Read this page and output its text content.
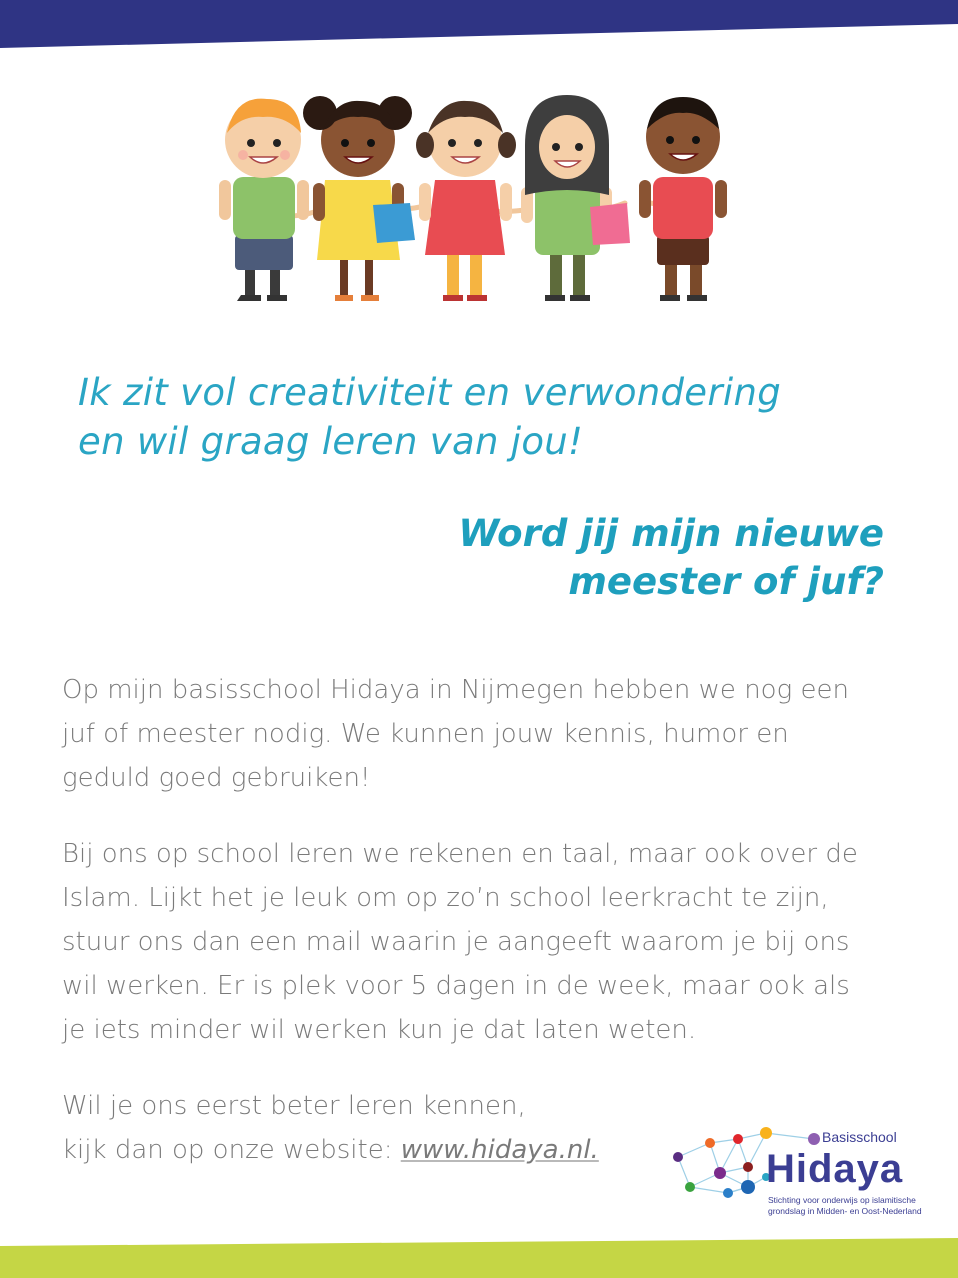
Ik zit vol creativiteit en verwondering
en wil graag leren van jou!
Word jij mijn nieuwe
meester of juf?
Op mijn basisschool Hidaya in Nijmegen hebben we nog een
juf of meester nodig. We kunnen jouw kennis, humor en
geduld goed gebruiken!
Bij ons op school leren we rekenen en taal, maar ook over de
Islam. Lijkt het je leuk om op zo’n school leerkracht te zijn,
stuur ons dan een mail waarin je aangeeft waarom je bij ons
wil werken. Er is plek voor 5 dagen in de week, maar ook als
je iets minder wil werken kun je dat laten weten.
Wil je ons eerst beter leren kennen,
kijk dan op onze website: www.hidaya.nl.	Basisschool
Hidaya
Stichting voor onderwijs op islamitische
grondslag in Midden- en Oost-Nederland
